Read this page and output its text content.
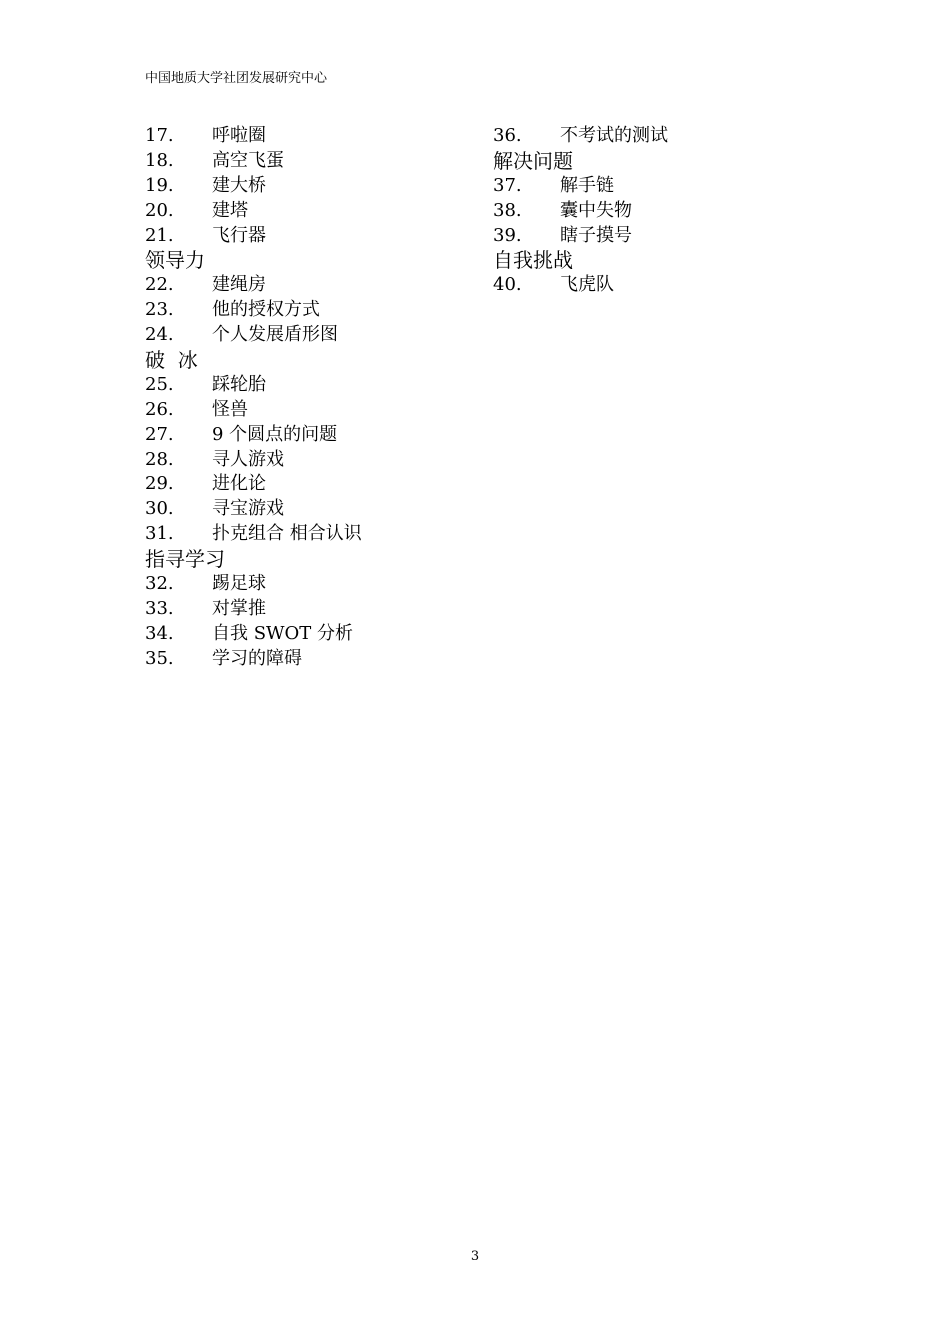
中国地质大学社团发展研究中心
17. 呼啦圈
18. 高空飞蛋
19. 建大桥
20. 建塔
21. 飞行器
领导力
22. 建绳房
23. 他的授权方式
24. 个人发展盾形图
破  冰
25. 踩轮胎
26. 怪兽
27. 9 个圆点的问题
28. 寻人游戏
29. 进化论
30. 寻宝游戏
31. 扑克组合 相合认识
指寻学习
32. 踢足球
33. 对掌推
34. 自我 SWOT 分析
35. 学习的障碍
36. 不考试的测试
解决问题
37. 解手链
38. 囊中失物
39. 瞎子摸号
自我挑战
40. 飞虎队
3
